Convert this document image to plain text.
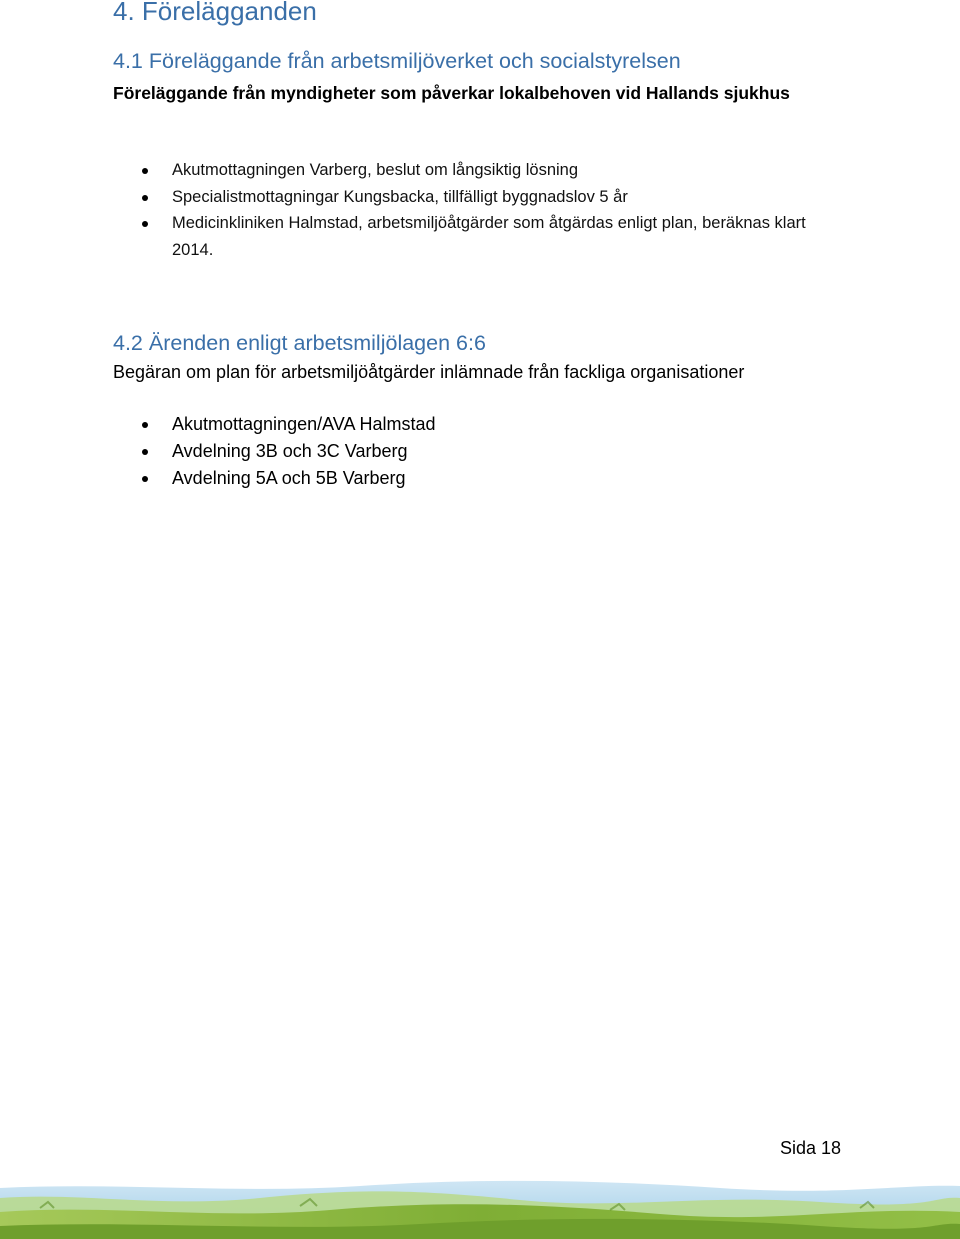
4. Förelägganden
4.1 Föreläggande från arbetsmiljöverket och socialstyrelsen

Föreläggande från myndigheter som påverkar lokalbehoven vid Hallands sjukhus

Akutmottagningen Varberg, beslut om långsiktig lösning
Specialistmottagningar Kungsbacka, tillfälligt byggnadslov 5 år
Medicinkliniken Halmstad, arbetsmiljöåtgärder som åtgärdas enligt plan, beräknas klart 2014.
4.2 Ärenden enligt arbetsmiljölagen 6:6

Begäran om plan för arbetsmiljöåtgärder inlämnade från fackliga organisationer

Akutmottagningen/AVA Halmstad
Avdelning 3B och 3C Varberg
Avdelning 5A och 5B Varberg
Sida 18
